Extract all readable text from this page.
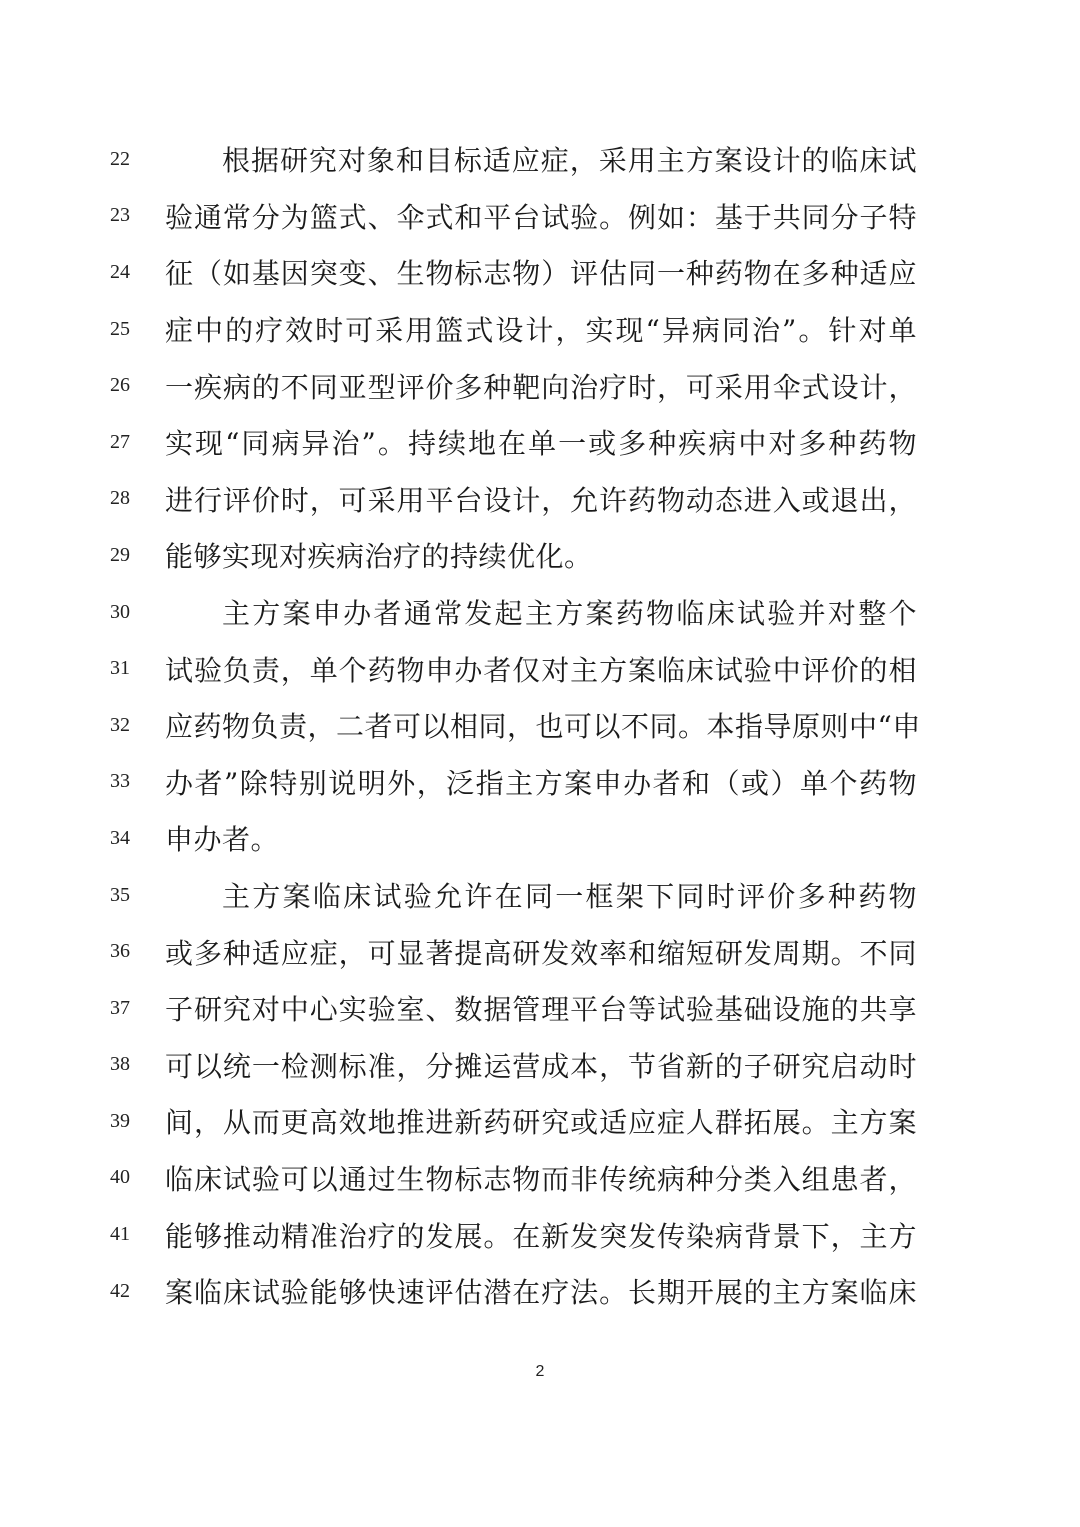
22	根据研究对象和目标适应症，采用主方案设计的临床试
23	验通常分为篮式、伞式和平台试验。例如：基于共同分子特
24	征（如基因突变、生物标志物）评估同一种药物在多种适应
25	症中的疗效时可采用篮式设计，实现“异病同治”。针对单
26	一疾病的不同亚型评价多种靶向治疗时，可采用伞式设计，
27	实现“同病异治”。持续地在单一或多种疾病中对多种药物
28	进行评价时，可采用平台设计，允许药物动态进入或退出，
29	能够实现对疾病治疗的持续优化。
30	主方案申办者通常发起主方案药物临床试验并对整个
31	试验负责，单个药物申办者仅对主方案临床试验中评价的相
32	应药物负责，二者可以相同，也可以不同。本指导原则中“申
33	办者”除特别说明外，泛指主方案申办者和（或）单个药物
34	申办者。
35	主方案临床试验允许在同一框架下同时评价多种药物
36	或多种适应症，可显著提高研发效率和缩短研发周期。不同
37	子研究对中心实验室、数据管理平台等试验基础设施的共享
38	可以统一检测标准，分摊运营成本，节省新的子研究启动时
39	间，从而更高效地推进新药研究或适应症人群拓展。主方案
40	临床试验可以通过生物标志物而非传统病种分类入组患者，
41	能够推动精准治疗的发展。在新发突发传染病背景下，主方
42	案临床试验能够快速评估潜在疗法。长期开展的主方案临床
2
